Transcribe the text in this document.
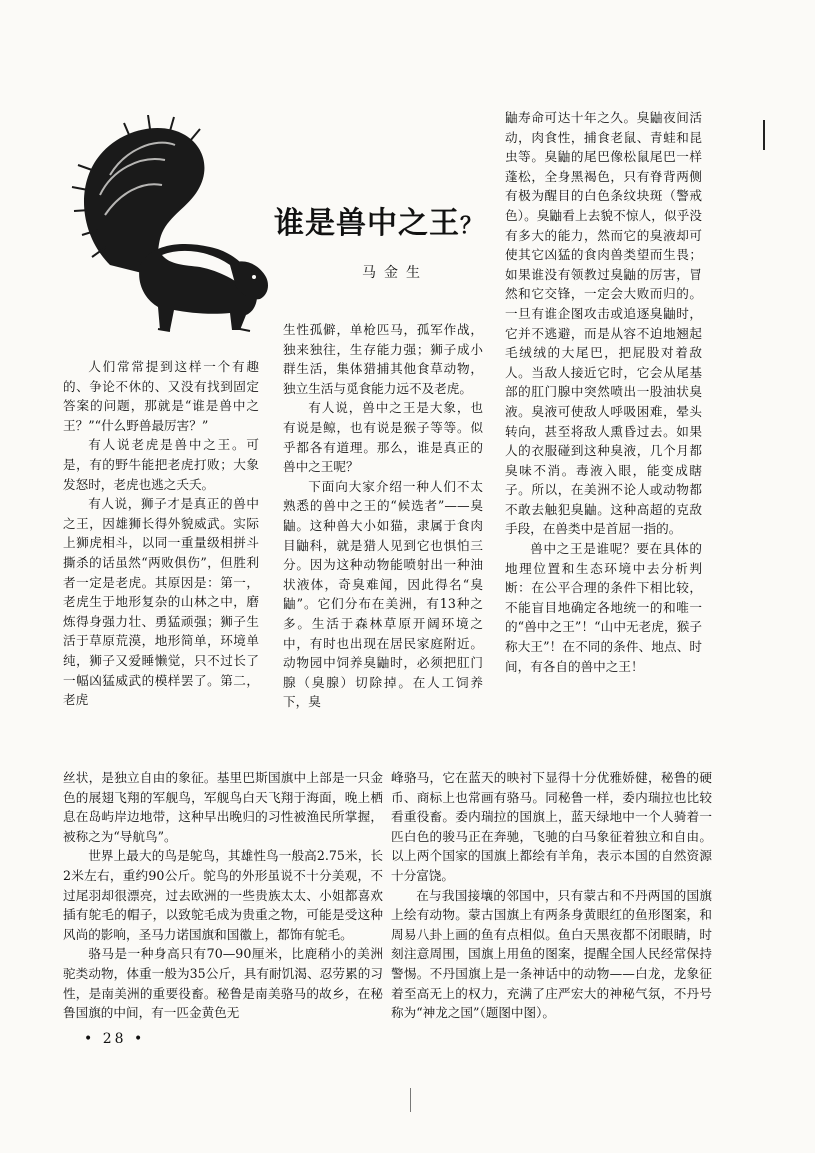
谁是兽中之王？
马金生

人们常常提到这样一个有趣的、争论不休的、又没有找到固定答案的问题，那就是“谁是兽中之王？”“什么野兽最厉害？”

有人说老虎是兽中之王。可是，有的野牛能把老虎打败；大象发怒时，老虎也逃之夭夭。

有人说，狮子才是真正的兽中之王，因雄狮长得外貌威武。实际上狮虎相斗，以同一重量级相拼斗撕杀的话虽然“两败俱伤”，但胜利者一定是老虎。其原因是：第一，老虎生于地形复杂的山林之中，磨炼得身强力壮、勇猛顽强；狮子生活于草原荒漠，地形简单，环境单纯，狮子又爱睡懒觉，只不过长了一幅凶猛威武的模样罢了。第二，老虎

生性孤僻，单枪匹马，孤军作战，独来独往，生存能力强；狮子成小群生活，集体猎捕其他食草动物，独立生活与觅食能力远不及老虎。

有人说，兽中之王是大象，也有说是鲸，也有说是猴子等等。似乎都各有道理。那么，谁是真正的兽中之王呢？

下面向大家介绍一种人们不太熟悉的兽中之王的“候选者”——臭鼬。这种兽大小如猫，隶属于食肉目鼬科，就是猎人见到它也惧怕三分。因为这种动物能喷射出一种油状液体，奇臭难闻，因此得名“臭鼬”。它们分布在美洲，有13种之多。生活于森林草原开阔环境之中，有时也出现在居民家庭附近。动物园中饲养臭鼬时，必须把肛门腺（臭腺）切除掉。在人工饲养下，臭

鼬寿命可达十年之久。臭鼬夜间活动，肉食性，捕食老鼠、青蛙和昆虫等。臭鼬的尾巴像松鼠尾巴一样蓬松，全身黑褐色，只有脊背两侧有极为醒目的白色条纹块斑（警戒色）。臭鼬看上去貌不惊人，似乎没有多大的能力，然而它的臭液却可使其它凶猛的食肉兽类望而生畏；如果谁没有领教过臭鼬的厉害，冒然和它交锋，一定会大败而归的。一旦有谁企图攻击或追逐臭鼬时，它并不逃避，而是从容不迫地翘起毛绒绒的大尾巴，把屁股对着敌人。当敌人接近它时，它会从尾基部的肛门腺中突然喷出一股油状臭液。臭液可使敌人呼吸困难，晕头转向，甚至将敌人熏昏过去。如果人的衣服碰到这种臭液，几个月都臭味不消。毒液入眼，能变成瞎子。所以，在美洲不论人或动物都不敢去触犯臭鼬。这种高超的克敌手段，在兽类中是首屈一指的。

兽中之王是谁呢？要在具体的地理位置和生态环境中去分析判断：在公平合理的条件下相比较，不能盲目地确定各地统一的和唯一的“兽中之王”！“山中无老虎，猴子称大王”！在不同的条件、地点、时间，有各自的兽中之王！

丝状，是独立自由的象征。基里巴斯国旗中上部是一只金色的展翅飞翔的军舰鸟，军舰鸟白天飞翔于海面，晚上栖息在岛屿岸边地带，这种早出晚归的习性被渔民所掌握，被称之为“导航鸟”。

世界上最大的鸟是鸵鸟，其雄性鸟一般高2.75米，长2米左右，重约90公斤。鸵鸟的外形虽说不十分美观，不过尾羽却很漂亮，过去欧洲的一些贵族太太、小姐都喜欢插有鸵毛的帽子，以致鸵毛成为贵重之物，可能是受这种风尚的影响，圣马力诺国旗和国徽上，都饰有鸵毛。

骆马是一种身高只有70—90厘米，比鹿稍小的美洲驼类动物，体重一般为35公斤，具有耐饥渴、忍劳累的习性，是南美洲的重要役畜。秘鲁是南美骆马的故乡，在秘鲁国旗的中间，有一匹金黄色无

峰骆马，它在蓝天的映衬下显得十分优雅娇健，秘鲁的硬币、商标上也常画有骆马。同秘鲁一样，委内瑞拉也比较看重役畜。委内瑞拉的国旗上，蓝天绿地中一个人骑着一匹白色的骏马正在奔驰，飞驰的白马象征着独立和自由。以上两个国家的国旗上都绘有羊角，表示本国的自然资源十分富饶。

在与我国接壤的邻国中，只有蒙古和不丹两国的国旗上绘有动物。蒙古国旗上有两条身黄眼红的鱼形图案，和周易八卦上画的鱼有点相似。鱼白天黑夜都不闭眼睛，时刻注意周围，国旗上用鱼的图案，提醒全国人民经常保持警惕。不丹国旗上是一条神话中的动物——白龙，龙象征着至高无上的权力，充满了庄严宏大的神秘气氛，不丹号称为“神龙之国”（题图中图）。

• 28 •
